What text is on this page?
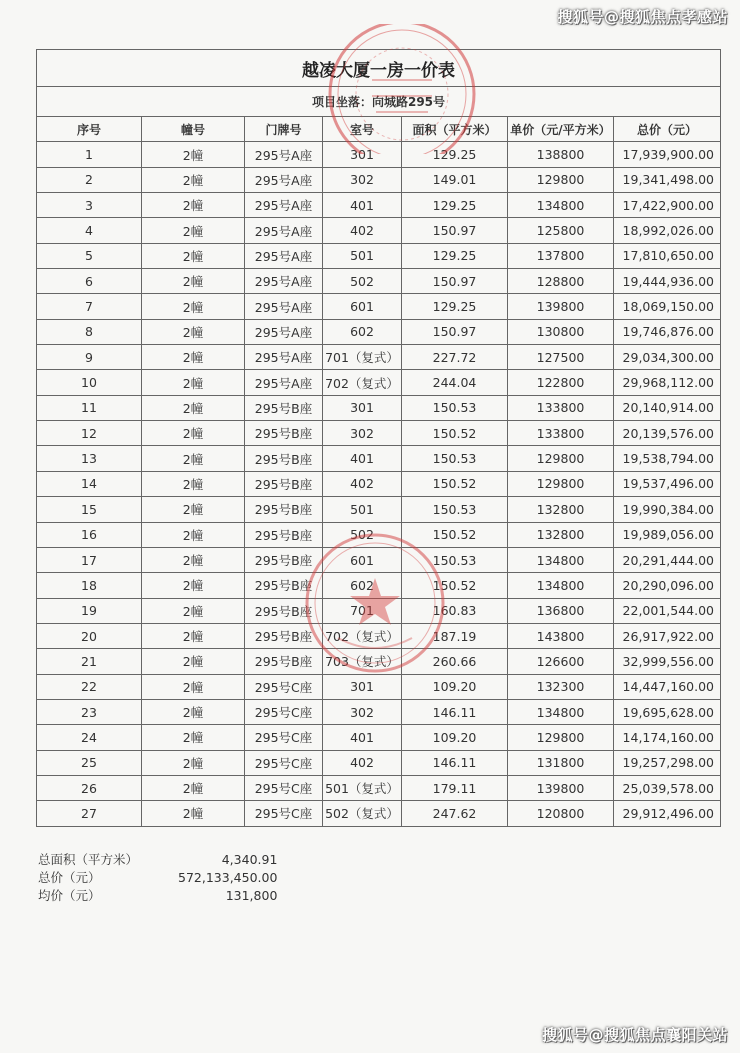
搜狐号@搜狐焦点孝感站
越凌大厦一房一价表						
项目坐落：向城路295号						
序号	幢号	门牌号	室号	面积（平方米）	单价（元/平方米）	总价（元）
1	2幢	295号A座	301	129.25	138800	17,939,900.00
2	2幢	295号A座	302	149.01	129800	19,341,498.00
3	2幢	295号A座	401	129.25	134800	17,422,900.00
4	2幢	295号A座	402	150.97	125800	18,992,026.00
5	2幢	295号A座	501	129.25	137800	17,810,650.00
6	2幢	295号A座	502	150.97	128800	19,444,936.00
7	2幢	295号A座	601	129.25	139800	18,069,150.00
8	2幢	295号A座	602	150.97	130800	19,746,876.00
9	2幢	295号A座	701（复式）	227.72	127500	29,034,300.00
10	2幢	295号A座	702（复式）	244.04	122800	29,968,112.00
11	2幢	295号B座	301	150.53	133800	20,140,914.00
12	2幢	295号B座	302	150.52	133800	20,139,576.00
13	2幢	295号B座	401	150.53	129800	19,538,794.00
14	2幢	295号B座	402	150.52	129800	19,537,496.00
15	2幢	295号B座	501	150.53	132800	19,990,384.00
16	2幢	295号B座	502	150.52	132800	19,989,056.00
17	2幢	295号B座	601	150.53	134800	20,291,444.00
18	2幢	295号B座	602	150.52	134800	20,290,096.00
19	2幢	295号B座	701	160.83	136800	22,001,544.00
20	2幢	295号B座	702（复式）	187.19	143800	26,917,922.00
21	2幢	295号B座	703（复式）	260.66	126600	32,999,556.00
22	2幢	295号C座	301	109.20	132300	14,447,160.00
23	2幢	295号C座	302	146.11	134800	19,695,628.00
24	2幢	295号C座	401	109.20	129800	14,174,160.00
25	2幢	295号C座	402	146.11	131800	19,257,298.00
26	2幢	295号C座	501（复式）	179.11	139800	25,039,578.00
27	2幢	295号C座	502（复式）	247.62	120800	29,912,496.00
总面积（平方米）	4,340.91
总价（元）	572,133,450.00
均价（元）	131,800
搜狐号@搜狐焦点襄阳关站
